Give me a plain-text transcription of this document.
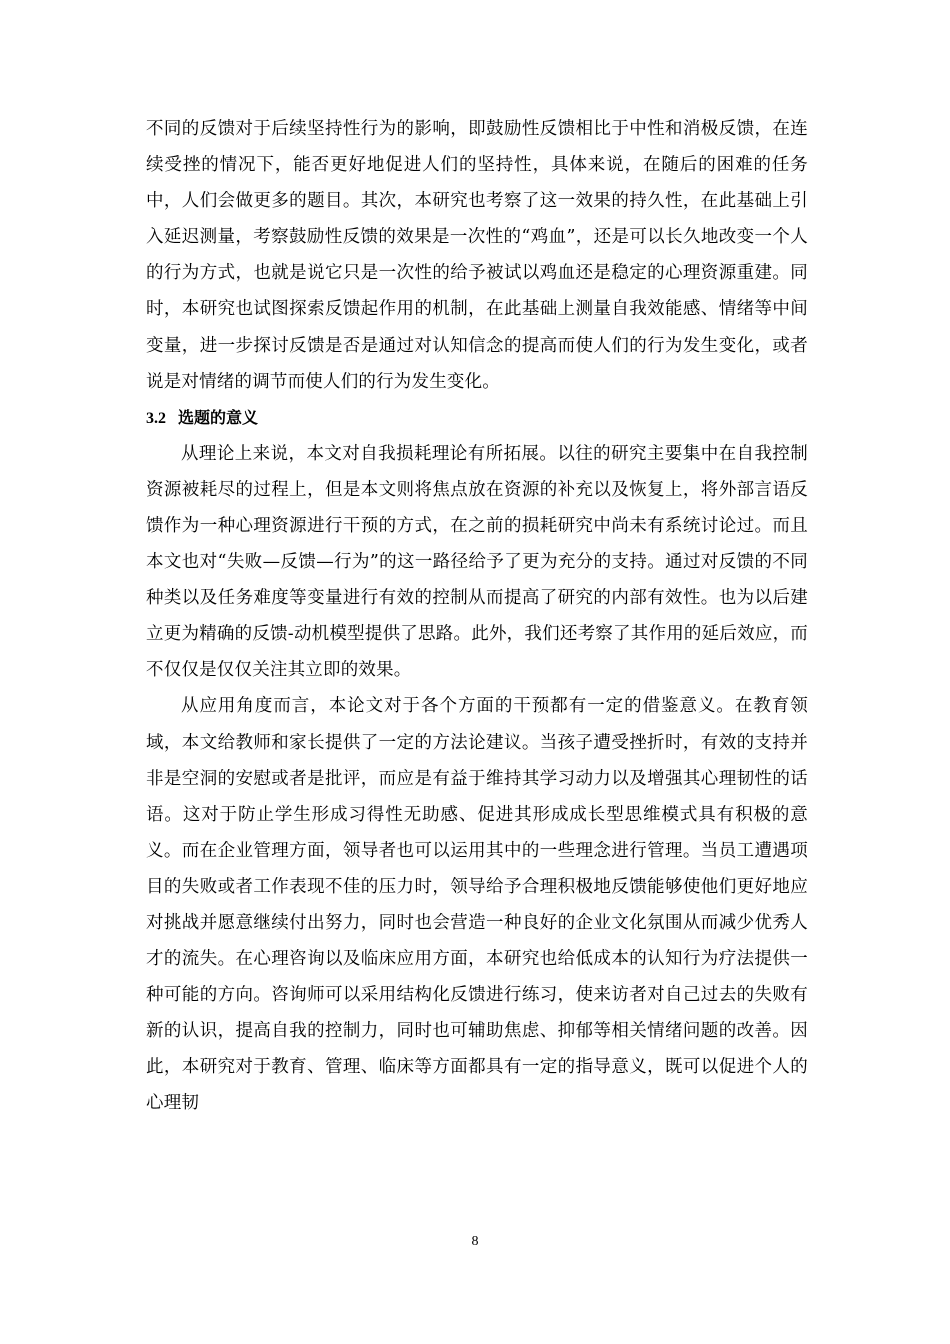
不同的反馈对于后续坚持性行为的影响，即鼓励性反馈相比于中性和消极反馈，在连续受挫的情况下，能否更好地促进人们的坚持性，具体来说，在随后的困难的任务中，人们会做更多的题目。其次，本研究也考察了这一效果的持久性，在此基础上引入延迟测量，考察鼓励性反馈的效果是一次性的“鸡血”，还是可以长久地改变一个人的行为方式，也就是说它只是一次性的给予被试以鸡血还是稳定的心理资源重建。同时，本研究也试图探索反馈起作用的机制，在此基础上测量自我效能感、情绪等中间变量，进一步探讨反馈是否是通过对认知信念的提高而使人们的行为发生变化，或者说是对情绪的调节而使人们的行为发生变化。

3.2 选题的意义

从理论上来说，本文对自我损耗理论有所拓展。以往的研究主要集中在自我控制资源被耗尽的过程上，但是本文则将焦点放在资源的补充以及恢复上，将外部言语反馈作为一种心理资源进行干预的方式，在之前的损耗研究中尚未有系统讨论过。而且本文也对“失败—反馈—行为”的这一路径给予了更为充分的支持。通过对反馈的不同种类以及任务难度等变量进行有效的控制从而提高了研究的内部有效性。也为以后建立更为精确的反馈-动机模型提供了思路。此外，我们还考察了其作用的延后效应，而不仅仅是仅仅关注其立即的效果。

从应用角度而言，本论文对于各个方面的干预都有一定的借鉴意义。在教育领域，本文给教师和家长提供了一定的方法论建议。当孩子遭受挫折时，有效的支持并非是空洞的安慰或者是批评，而应是有益于维持其学习动力以及增强其心理韧性的话语。这对于防止学生形成习得性无助感、促进其形成成长型思维模式具有积极的意义。而在企业管理方面，领导者也可以运用其中的一些理念进行管理。当员工遭遇项目的失败或者工作表现不佳的压力时，领导给予合理积极地反馈能够使他们更好地应对挑战并愿意继续付出努力，同时也会营造一种良好的企业文化氛围从而减少优秀人才的流失。在心理咨询以及临床应用方面，本研究也给低成本的认知行为疗法提供一种可能的方向。咨询师可以采用结构化反馈进行练习，使来访者对自己过去的失败有新的认识，提高自我的控制力，同时也可辅助焦虑、抑郁等相关情绪问题的改善。因此，本研究对于教育、管理、临床等方面都具有一定的指导意义，既可以促进个人的心理韧

8
